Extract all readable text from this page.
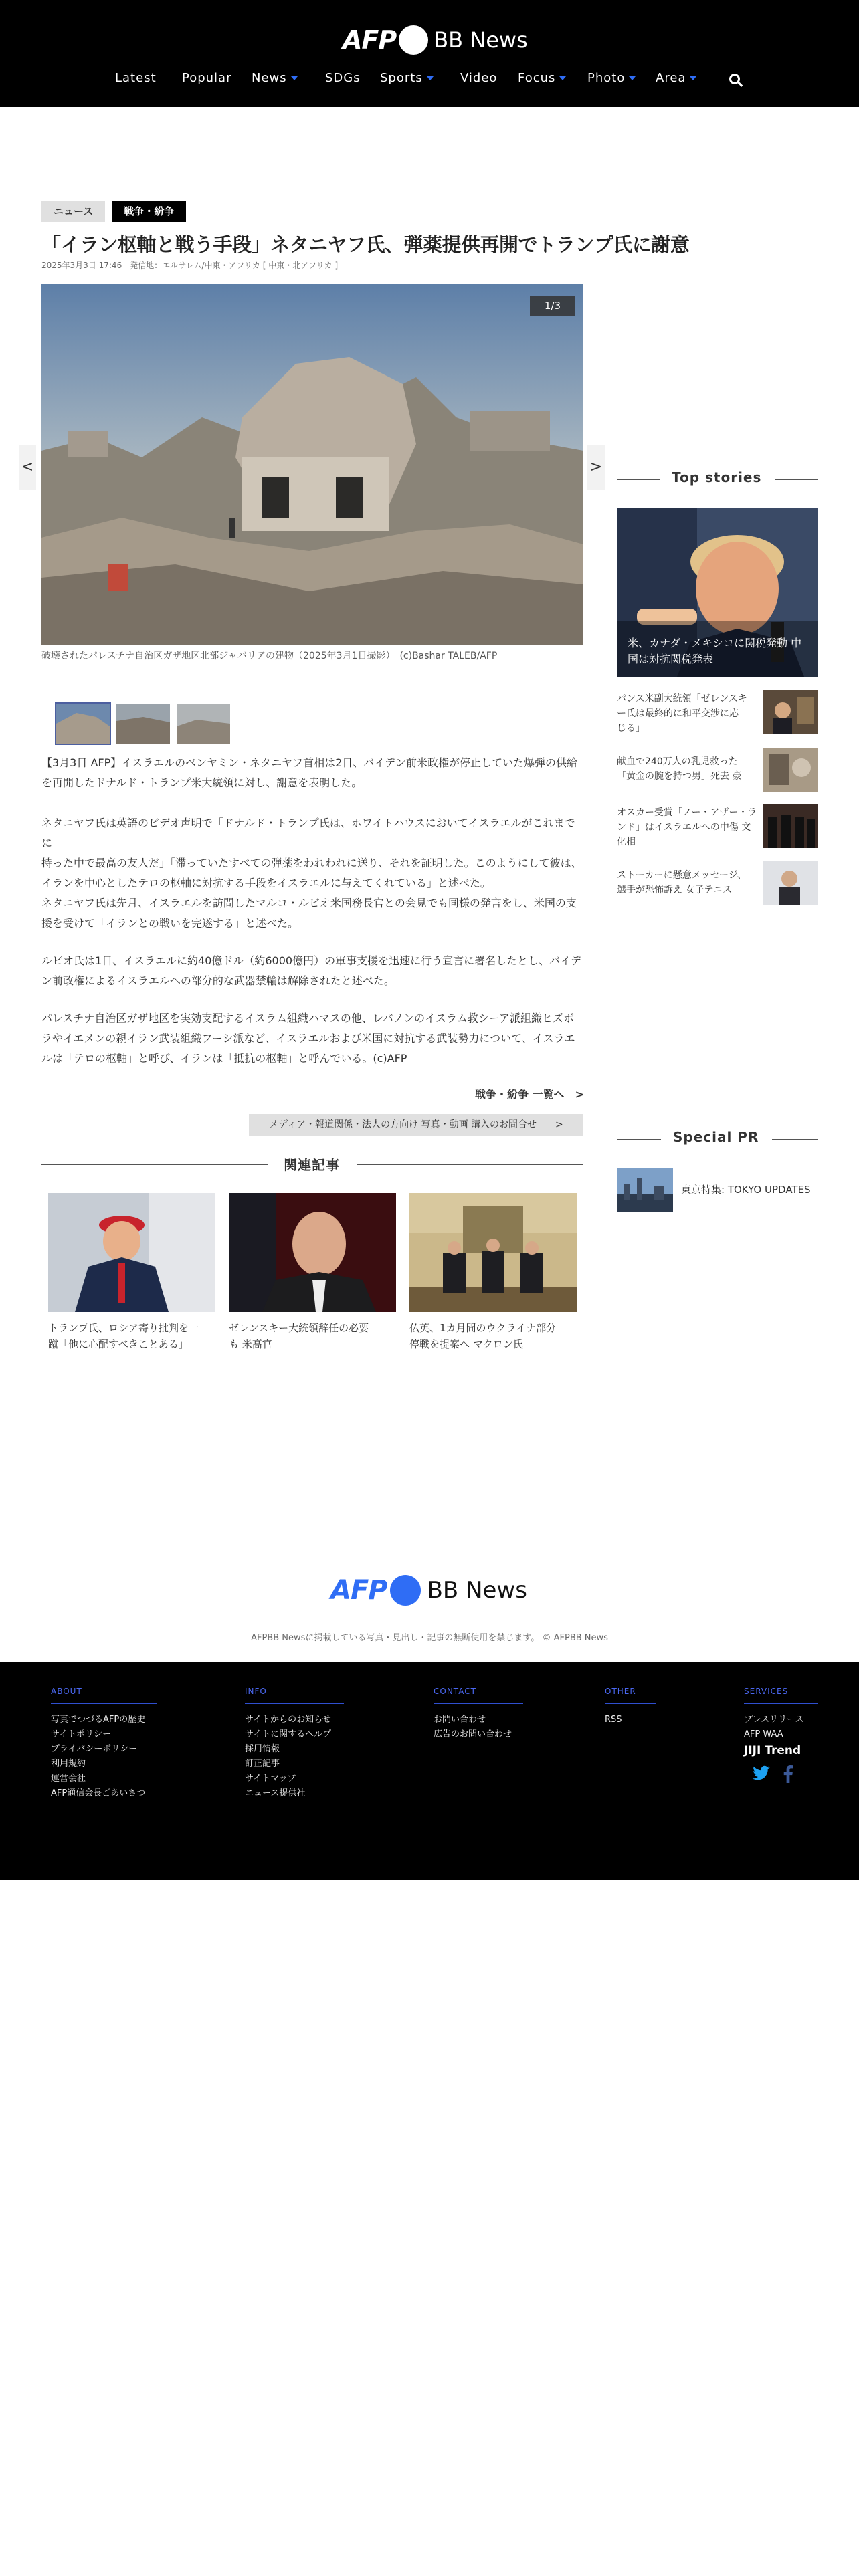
AFP BB News
Latest Popular News	SDGs Sports	Video Focus	Photo	Area
ニュース	戦争・紛争
「イラン枢軸と戦う手段」ネタニヤフ氏、弾薬提供再開でトランプ氏に謝意
2025年3月3日 17:46　発信地：エルサレム/中東・アフリカ [ 中東・北アフリカ ]
1/3
<	>
破壊されたパレスチナ自治区ガザ地区北部ジャバリアの建物（2025年3月1日撮影）。(c)Bashar TALEB/AFP
【3月3日 AFP】イスラエルのベンヤミン・ネタニヤフ首相は2日、バイデン前米政権が停止していた爆弾の供給
を再開したドナルド・トランプ米大統領に対し、謝意を表明した。
ネタニヤフ氏は英語のビデオ声明で「ドナルド・トランプ氏は、ホワイトハウスにおいてイスラエルがこれまでに
持った中で最高の友人だ」「滞っていたすべての弾薬をわれわれに送り、それを証明した。このようにして彼は、
イランを中心としたテロの枢軸に対抗する手段をイスラエルに与えてくれている」と述べた。
ネタニヤフ氏は先月、イスラエルを訪問したマルコ・ルビオ米国務長官との会見でも同様の発言をし、米国の支
援を受けて「イランとの戦いを完遂する」と述べた。
ルビオ氏は1日、イスラエルに約40億ドル（約6000億円）の軍事支援を迅速に行う宣言に署名したとし、バイデ
ン前政権によるイスラエルへの部分的な武器禁輸は解除されたと述べた。
パレスチナ自治区ガザ地区を実効支配するイスラム組織ハマスの他、レバノンのイスラム教シーア派組織ヒズボ
ラやイエメンの親イラン武装組織フーシ派など、イスラエルおよび米国に対抗する武装勢力について、イスラエ
ルは「テロの枢軸」と呼び、イランは「抵抗の枢軸」と呼んでいる。(c)AFP
戦争・紛争 一覧へ　>
メディア・報道関係・法人の方向け 写真・動画 購入のお問合せ　　>
関連記事
トランプ氏、ロシア寄り批判を一
蹴「他に心配すべきことある」
ゼレンスキー大統領辞任の必要
も 米高官
仏英、1カ月間のウクライナ部分
停戦を提案へ マクロン氏
Top stories
米、カナダ・メキシコに関税発動 中
国は対抗関税発表
パンス米副大統領「ゼレンスキ
ー氏は最終的に和平交渉に応
じる」
献血で240万人の乳児救った
「黄金の腕を持つ男」死去 豪
オスカー受賞「ノー・アザー・ラ
ンド」はイスラエルへの中傷 文
化相
ストーカーに懸意メッセージ、
選手が恐怖訴え 女子テニス
Special PR
東京特集: TOKYO UPDATES
AFP BB News
AFPBB Newsに掲載している写真・見出し・記事の無断使用を禁じます。 © AFPBB News
ABOUT
写真でつづるAFPの歴史
サイトポリシー
プライバシーポリシー
利用規約
運営会社
AFP通信会長ごあいさつ
INFO
サイトからのお知らせ
サイトに関するヘルプ
採用情報
訂正記事
サイトマップ
ニュース提供社
CONTACT
お問い合わせ
広告のお問い合わせ
OTHER
RSS
SERVICES
プレスリリース
AFP WAA
JIJI Trend
